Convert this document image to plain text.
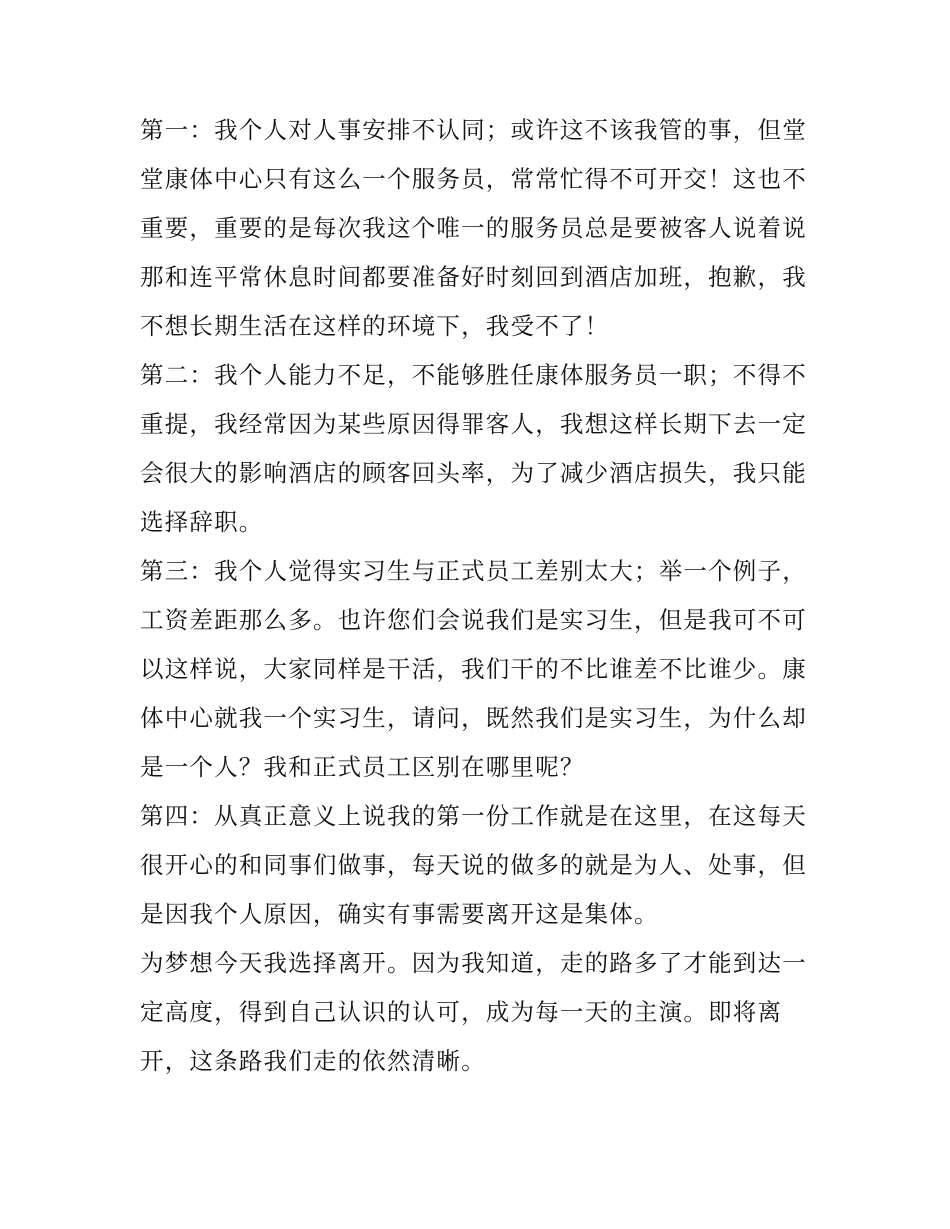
第一：我个人对人事安排不认同；或许这不该我管的事，但堂
堂康体中心只有这么一个服务员，常常忙得不可开交！这也不
重要，重要的是每次我这个唯一的服务员总是要被客人说着说
那和连平常休息时间都要准备好时刻回到酒店加班，抱歉，我
不想长期生活在这样的环境下，我受不了！
第二：我个人能力不足，不能够胜任康体服务员一职；不得不
重提，我经常因为某些原因得罪客人，我想这样长期下去一定
会很大的影响酒店的顾客回头率，为了减少酒店损失，我只能
选择辞职。
第三：我个人觉得实习生与正式员工差别太大；举一个例子，
工资差距那么多。也许您们会说我们是实习生，但是我可不可
以这样说，大家同样是干活，我们干的不比谁差不比谁少。康
体中心就我一个实习生，请问，既然我们是实习生，为什么却
是一个人？我和正式员工区别在哪里呢？
第四：从真正意义上说我的第一份工作就是在这里，在这每天
很开心的和同事们做事，每天说的做多的就是为人、处事，但
是因我个人原因，确实有事需要离开这是集体。
为梦想今天我选择离开。因为我知道，走的路多了才能到达一
定高度，得到自己认识的认可，成为每一天的主演。即将离
开，这条路我们走的依然清晰。
